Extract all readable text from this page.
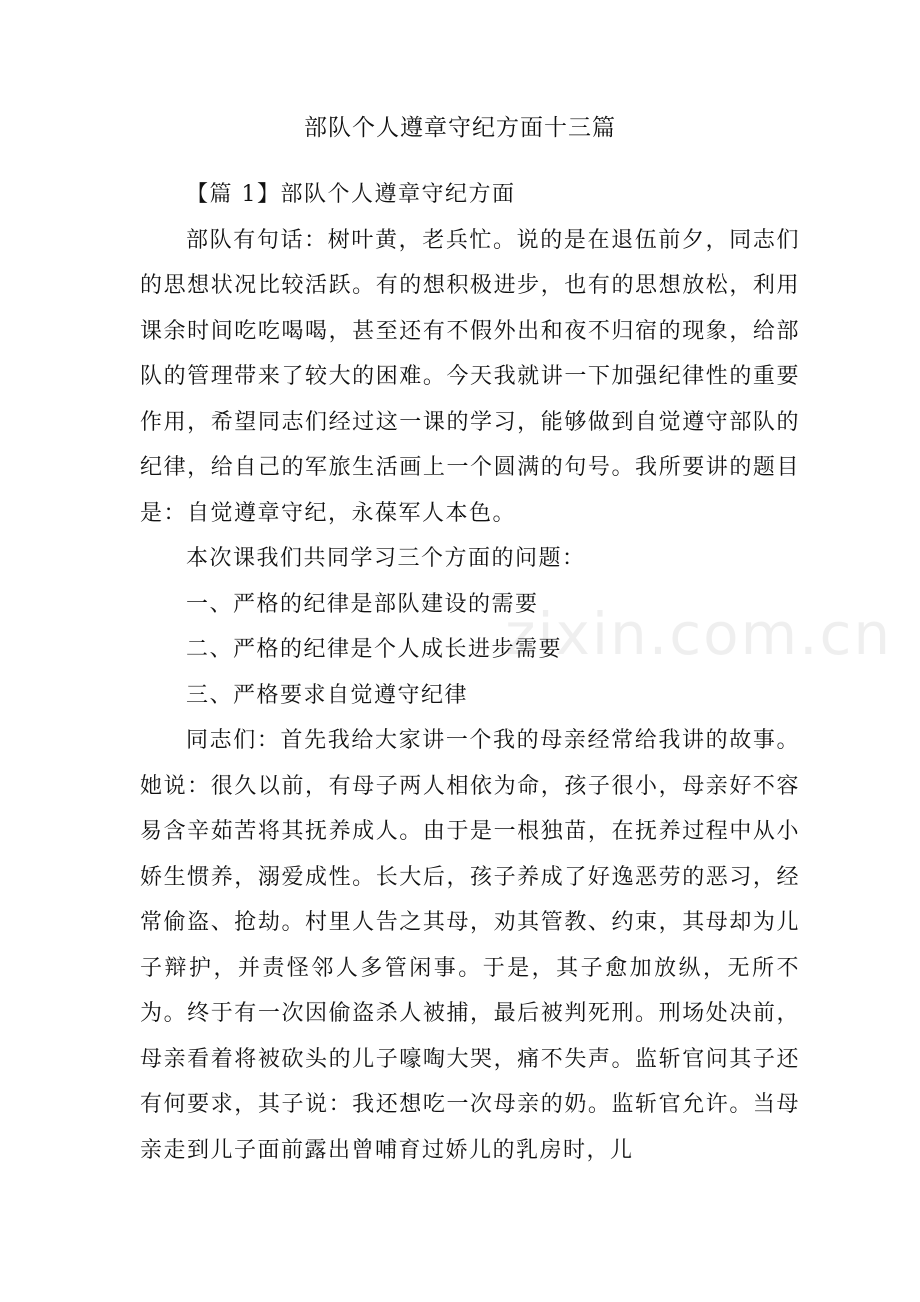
部队个人遵章守纪方面十三篇

【篇 1】部队个人遵章守纪方面

部队有句话：树叶黄，老兵忙。说的是在退伍前夕，同志们的思想状况比较活跃。有的想积极进步，也有的思想放松，利用课余时间吃吃喝喝，甚至还有不假外出和夜不归宿的现象，给部队的管理带来了较大的困难。今天我就讲一下加强纪律性的重要作用，希望同志们经过这一课的学习，能够做到自觉遵守部队的纪律，给自己的军旅生活画上一个圆满的句号。我所要讲的题目是：自觉遵章守纪，永葆军人本色。

本次课我们共同学习三个方面的问题：

一、严格的纪律是部队建设的需要

二、严格的纪律是个人成长进步需要

三、严格要求自觉遵守纪律

同志们：首先我给大家讲一个我的母亲经常给我讲的故事。她说：很久以前，有母子两人相依为命，孩子很小，母亲好不容易含辛茹苦将其抚养成人。由于是一根独苗，在抚养过程中从小娇生惯养，溺爱成性。长大后，孩子养成了好逸恶劳的恶习，经常偷盗、抢劫。村里人告之其母，劝其管教、约束，其母却为儿子辩护，并责怪邻人多管闲事。于是，其子愈加放纵，无所不为。终于有一次因偷盗杀人被捕，最后被判死刑。刑场处决前，母亲看着将被砍头的儿子嚎啕大哭，痛不失声。监斩官问其子还有何要求，其子说：我还想吃一次母亲的奶。监斩官允许。当母亲走到儿子面前露出曾哺育过娇儿的乳房时，儿

zixin.com.cn
